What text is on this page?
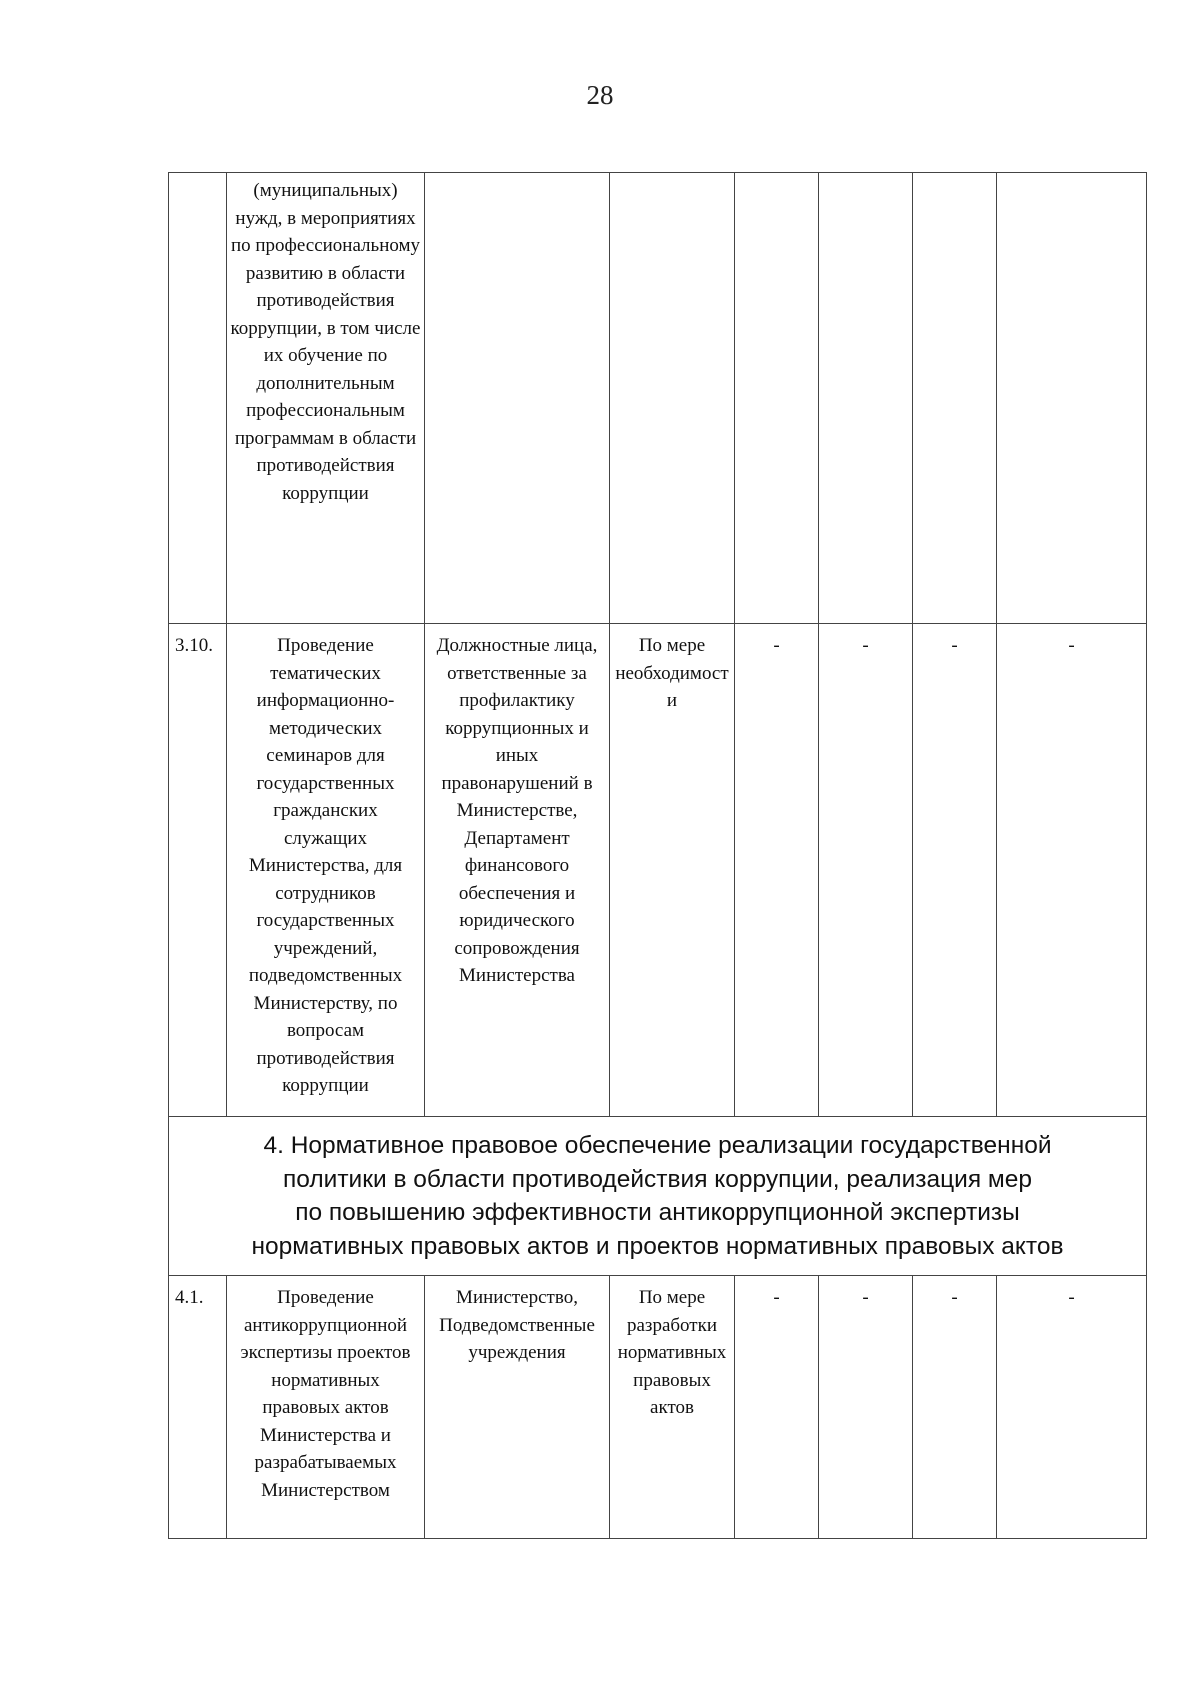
28
	(муниципальных) нужд, в мероприятиях по профессиональному развитию в области противодействия коррупции, в том числе их обучение по дополнительным профессиональным программам в области противодействия коррупции						
3.10.	Проведение тематических информационно-методических семинаров для государственных гражданских служащих Министерства, для сотрудников государственных учреждений, подведомственных Министерству, по вопросам противодействия коррупции	Должностные лица, ответственные за профилактику коррупционных и иных правонарушений в Министерстве, Департамент финансового обеспечения и юридического сопровождения Министерства	По мере необходимости	-	-	-	-

4. Нормативное правовое обеспечение реализации государственной
политики в области противодействия коррупции, реализация мер
по повышению эффективности антикоррупционной экспертизы
нормативных правовых актов и проектов нормативных правовых актов							

4.1.	Проведение антикоррупционной экспертизы проектов нормативных правовых актов Министерства и разрабатываемых Министерством	Министерство, Подведомственные учреждения	По мере разработки нормативных правовых актов	-	-	-	-
